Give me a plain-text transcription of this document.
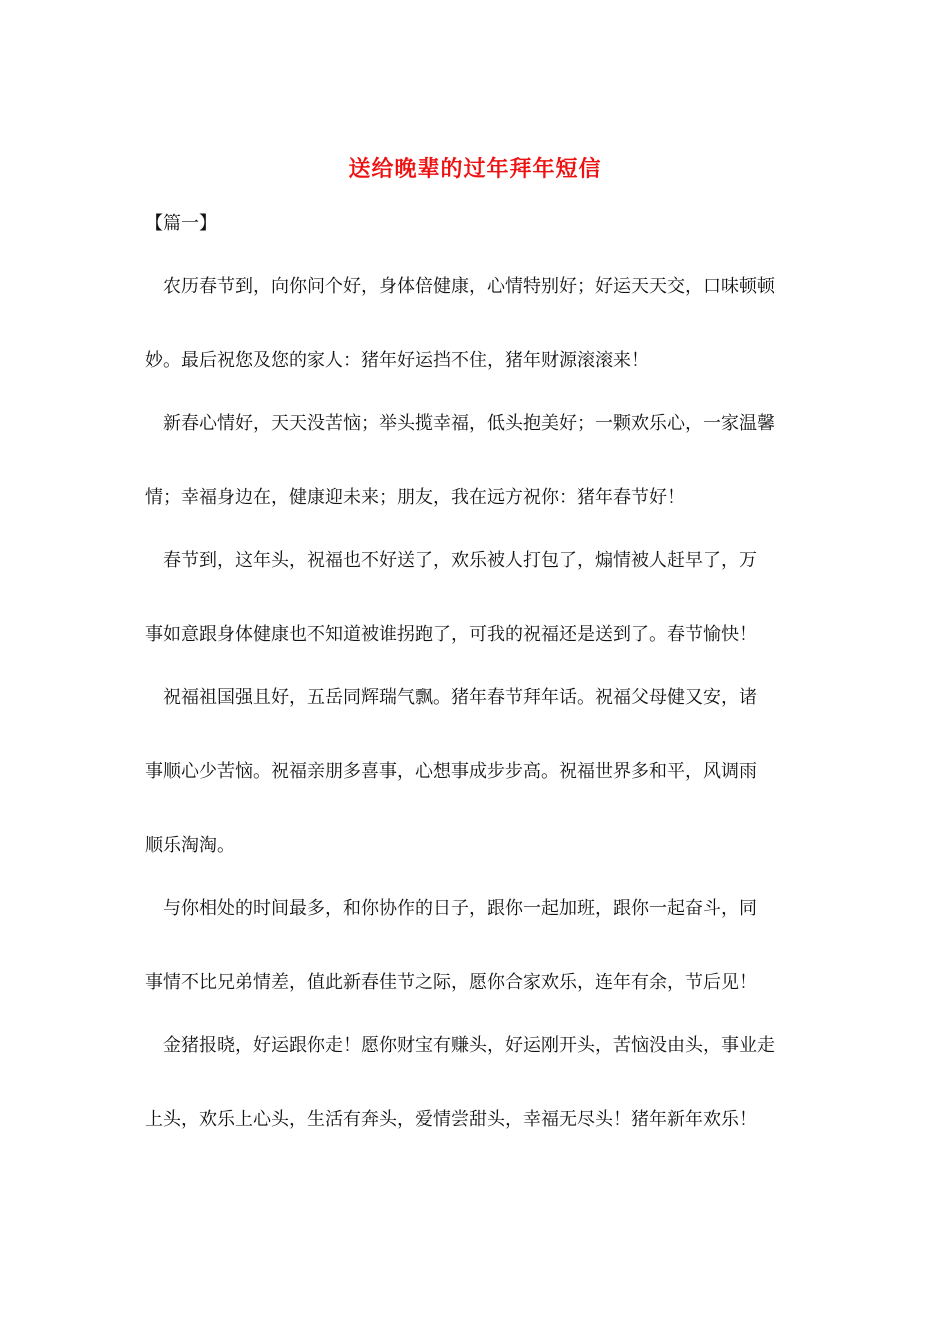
送给晚辈的过年拜年短信
【篇一】

农历春节到，向你问个好，身体倍健康，心情特别好；好运天天交，口味顿顿

妙。最后祝您及您的家人：猪年好运挡不住，猪年财源滚滚来！

新春心情好，天天没苦恼；举头揽幸福，低头抱美好；一颗欢乐心，一家温馨

情；幸福身边在，健康迎未来；朋友，我在远方祝你：猪年春节好！

春节到，这年头，祝福也不好送了，欢乐被人打包了，煽情被人赶早了，万

事如意跟身体健康也不知道被谁拐跑了，可我的祝福还是送到了。春节愉快！

祝福祖国强且好，五岳同辉瑞气飘。猪年春节拜年话。祝福父母健又安，诸

事顺心少苦恼。祝福亲朋多喜事，心想事成步步高。祝福世界多和平，风调雨

顺乐淘淘。

与你相处的时间最多，和你协作的日子，跟你一起加班，跟你一起奋斗，同

事情不比兄弟情差，值此新春佳节之际，愿你合家欢乐，连年有余，节后见！

金猪报晓，好运跟你走！愿你财宝有赚头，好运刚开头，苦恼没由头，事业走

上头，欢乐上心头，生活有奔头，爱情尝甜头，幸福无尽头！猪年新年欢乐！
